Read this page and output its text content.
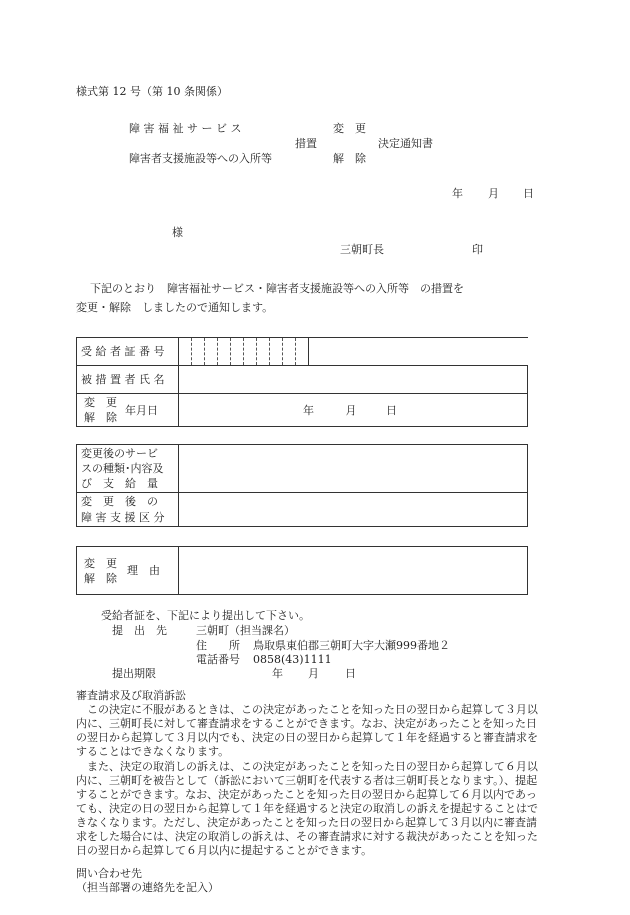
様式第 12 号（第 10 条関係）
障 害 福 祉 サ ー ビ ス	変　更
措置	決定通知書
障害者支援施設等への入所等	解　除
年 月 日
様
三朝町長	印
下記のとおり　障害福祉サービス・障害者支援施設等への入所等　の措置を
変更・解除　しましたので通知します。
受 給 者 証 番 号	

被 措 置 者 氏 名	

変　更
解　除
年月日	年 月 日
変更後のサービ
スの種類･内容及
び　支　給　量	

変　更　後　の
障 害 支 援 区 分	

変　更
解　除
理　由

受給者証を、下記により提出して下さい。
提　出　先	三朝町（担当課名）
住　　所 鳥取県東伯郡三朝町大字大瀬999番地２
電話番号 0858(43)1111
提出期限	年 月 日
審査請求及び取消訴訟
　この決定に不服があるときは、この決定があったことを知った日の翌日から起算して３月以
内に、三朝町長に対して審査請求をすることができます。なお、決定があったことを知った日
の翌日から起算して３月以内でも、決定の日の翌日から起算して１年を経過すると審査請求を
することはできなくなります。
　また、決定の取消しの訴えは、この決定があったことを知った日の翌日から起算して６月以
内に、三朝町を被告として（訴訟において三朝町を代表する者は三朝町長となります。）、提起
することができます。なお、決定があったことを知った日の翌日から起算して６月以内であっ
ても、決定の日の翌日から起算して１年を経過すると決定の取消しの訴えを提起することはで
きなくなります。ただし、決定があったことを知った日の翌日から起算して３月以内に審査請
求をした場合には、決定の取消しの訴えは、その審査請求に対する裁決があったことを知った
日の翌日から起算して６月以内に提起することができます。
問い合わせ先
（担当部署の連絡先を記入）
